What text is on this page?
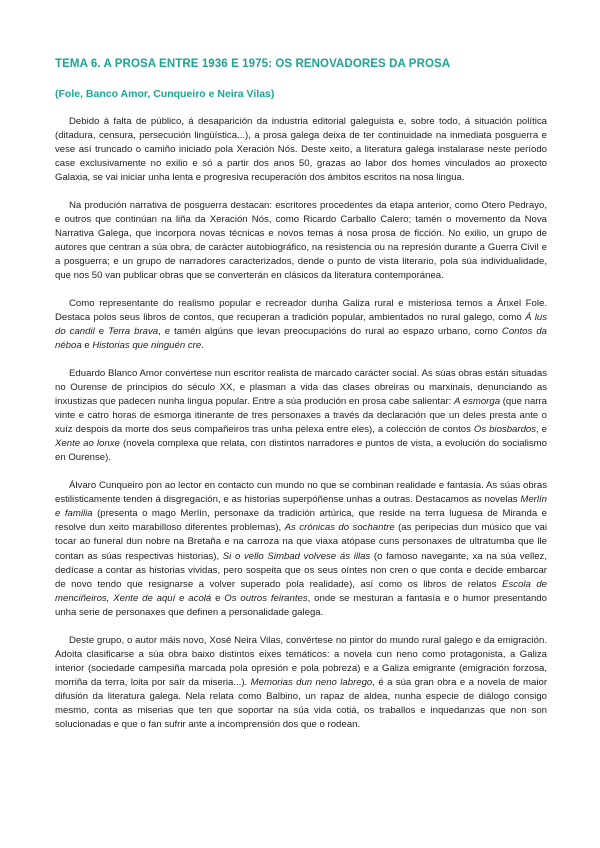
TEMA 6. A PROSA ENTRE 1936 E 1975: OS RENOVADORES DA PROSA
(Fole, Banco Amor, Cunqueiro e Neira Vilas)

Debido á falta de público, á desaparición da industria editorial galeguista e, sobre todo, á situación política (ditadura, censura, persecución lingüística...), a prosa galega deixa de ter continuidade na inmediata posguerra e vese así truncado o camiño iniciado pola Xeración Nós. Deste xeito, a literatura galega instalarase neste período case exclusivamente no exilio e só a partir dos anos 50, grazas ao labor dos homes vinculados ao proxecto Galaxia, se vai iniciar unha lenta e progresiva recuperación dos ámbitos escritos na nosa lingua.

Na produción narrativa de posguerra destacan: escritores procedentes da etapa anterior, como Otero Pedrayo, e outros que continúan na liña da Xeración Nós, como Ricardo Carballo Calero; tamén o movemento da Nova Narrativa Galega, que incorpora novas técnicas e novos temas á nosa prosa de ficción. No exilio, un grupo de autores que centran a súa obra, de carácter autobiográfico, na resistencia ou na represión durante a Guerra Civil e a posguerra; e un grupo de narradores caracterizados, dende o punto de vista literario, pola súa individualidade, que nos 50 van publicar obras que se converterán en clásicos da literatura contemporánea.

Como representante do realismo popular e recreador dunha Galiza rural e misteriosa temos a Ánxel Fole. Destaca polos seus libros de contos, que recuperan a tradición popular, ambientados no rural galego, como Á lus do candil e Terra brava, e tamén algúns que levan preocupacións do rural ao espazo urbano, como Contos da néboa e Historias que ninguén cre.

Eduardo Blanco Amor convértese nun escritor realista de marcado carácter social. As súas obras están situadas no Ourense de principios do século XX, e plasman a vida das clases obreiras ou marxinais, denunciando as inxustizas que padecen nunha lingua popular. Entre a súa produción en prosa cabe salientar: A esmorga (que narra vinte e catro horas de esmorga itinerante de tres personaxes a través da declaración que un deles presta ante o xuíz despois da morte dos seus compañeiros tras unha pelexa entre eles), a colección de contos Os biosbardos, e Xente ao lonxe (novela complexa que relata, con distintos narradores e puntos de vista, a evolución do socialismo en Ourense).

Álvaro Cunqueiro pon ao lector en contacto cun mundo no que se combinan realidade e fantasía. As súas obras estilisticamente tenden á disgregación, e as historias superpóñense unhas a outras. Destacamos as novelas Merlín e familia (presenta o mago Merlín, personaxe da tradición artúrica, que reside na terra luguesa de Miranda e resolve dun xeito marabilloso diferentes problemas), As crónicas do sochantre (as peripecias dun músico que vai tocar ao funeral dun nobre na Bretaña e na carroza na que viaxa atópase cuns personaxes de ultratumba que lle contan as súas respectivas historias), Si o vello Simbad volvese ás illas (o famoso navegante, xa na súa vellez, dedícase a contar as historias vividas, pero sospeita que os seus oíntes non cren o que conta e decide embarcar de novo tendo que resignarse a volver superado pola realidade), así como os libros de relatos Escola de menciñeiros, Xente de aquí e acolá e Os outros feirantes, onde se mesturan a fantasía e o humor presentando unha serie de personaxes que definen a personalidade galega.

Deste grupo, o autor máis novo, Xosé Neira Vilas, convértese no pintor do mundo rural galego e da emigración. Adoita clasificarse a súa obra baixo distintos eixes temáticos: a novela cun neno como protagonista, a Galiza interior (sociedade campesiña marcada pola opresión e pola pobreza) e a Galiza emigrante (emigración forzosa, morriña da terra, loita por saír da miseria...). Memorias dun neno labrego, é a súa gran obra e a novela de maior difusión da literatura galega. Nela relata como Balbino, un rapaz de aldea, nunha especie de diálogo consigo mesmo, conta as miserias que ten que soportar na súa vida cotiá, os traballos e inquedanzas que non son solucionadas e que o fan sufrir ante a incomprensión dos que o rodean.
